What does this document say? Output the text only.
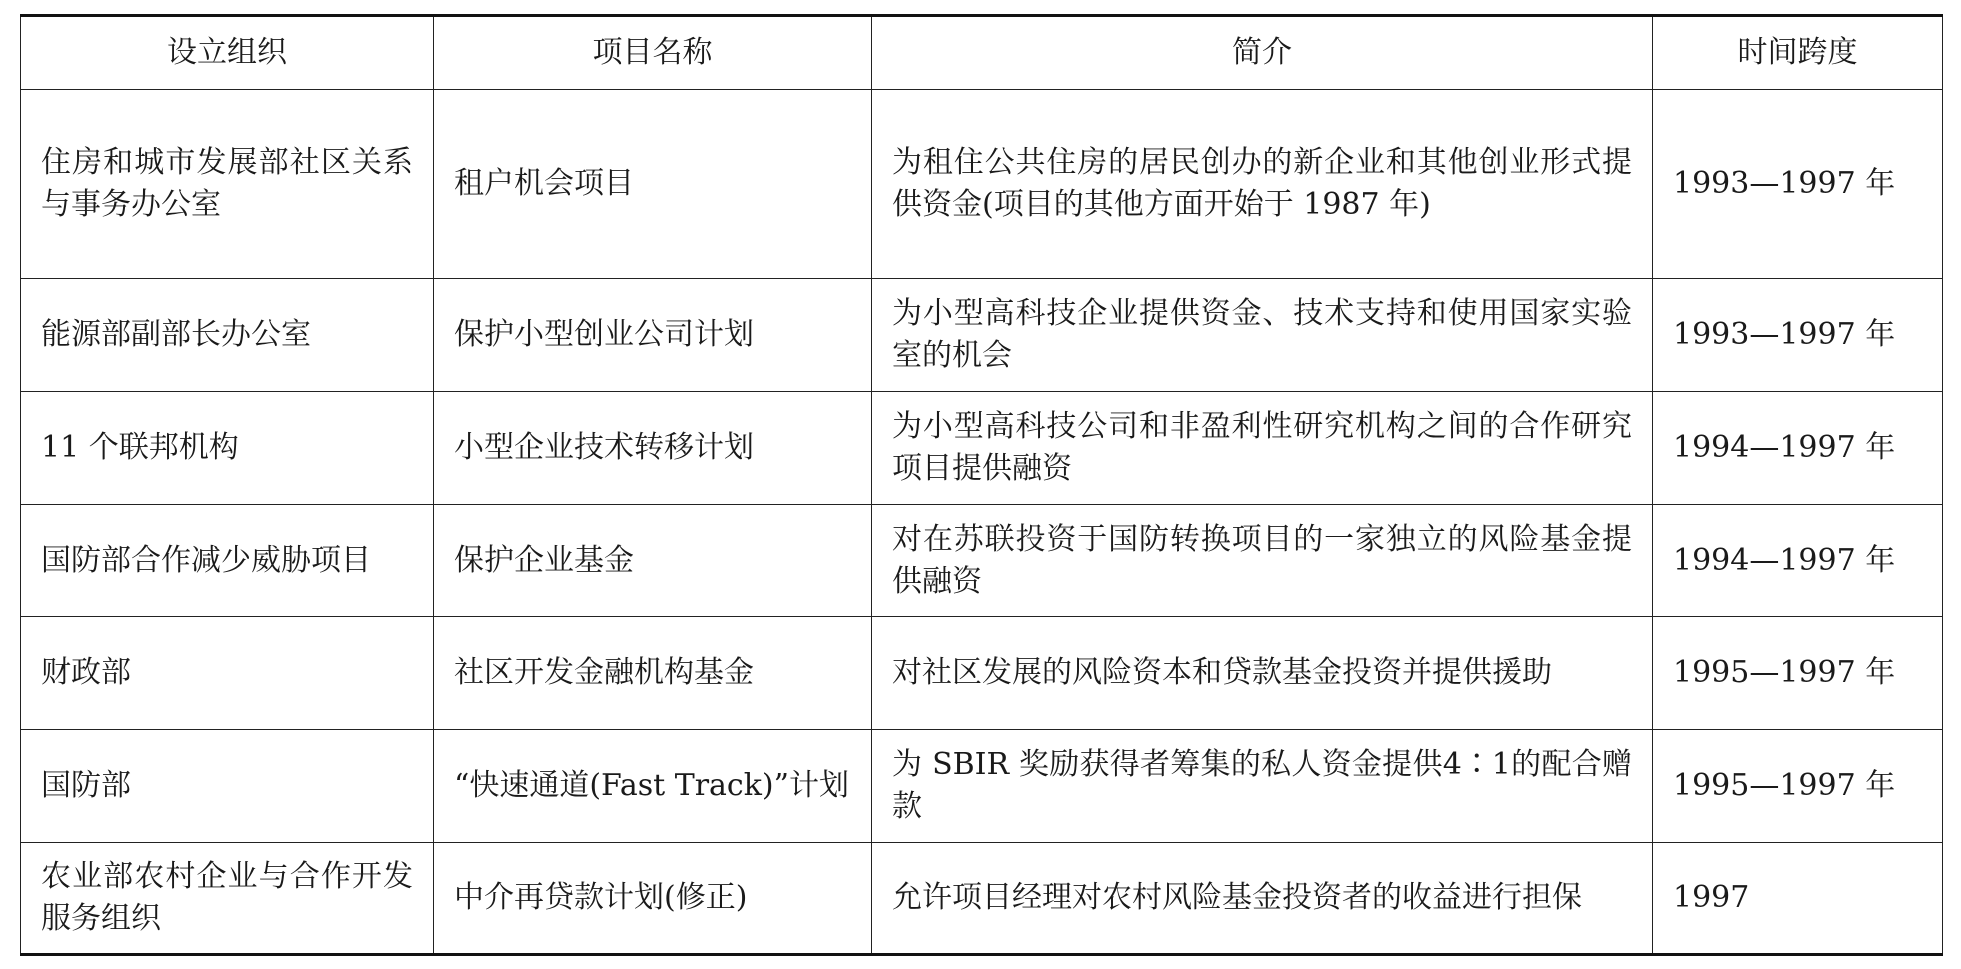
设立组织	项目名称	简介	时间跨度
住房和城市发展部社区关系与事务办公室	租户机会项目	为租住公共住房的居民创办的新企业和其他创业形式提供资金(项目的其他方面开始于 1987 年)	1993—1997 年
能源部副部长办公室	保护小型创业公司计划	为小型高科技企业提供资金、技术支持和使用国家实验室的机会	1993—1997 年
11 个联邦机构	小型企业技术转移计划	为小型高科技公司和非盈利性研究机构之间的合作研究项目提供融资	1994—1997 年
国防部合作减少威胁项目	保护企业基金	对在苏联投资于国防转换项目的一家独立的风险基金提供融资	1994—1997 年
财政部	社区开发金融机构基金	对社区发展的风险资本和贷款基金投资并提供援助	1995—1997 年
国防部	“快速通道(Fast Track)”计划	为 SBIR 奖励获得者筹集的私人资金提供4∶1的配合赠款	1995—1997 年
农业部农村企业与合作开发服务组织	中介再贷款计划(修正)	允许项目经理对农村风险基金投资者的收益进行担保	1997
